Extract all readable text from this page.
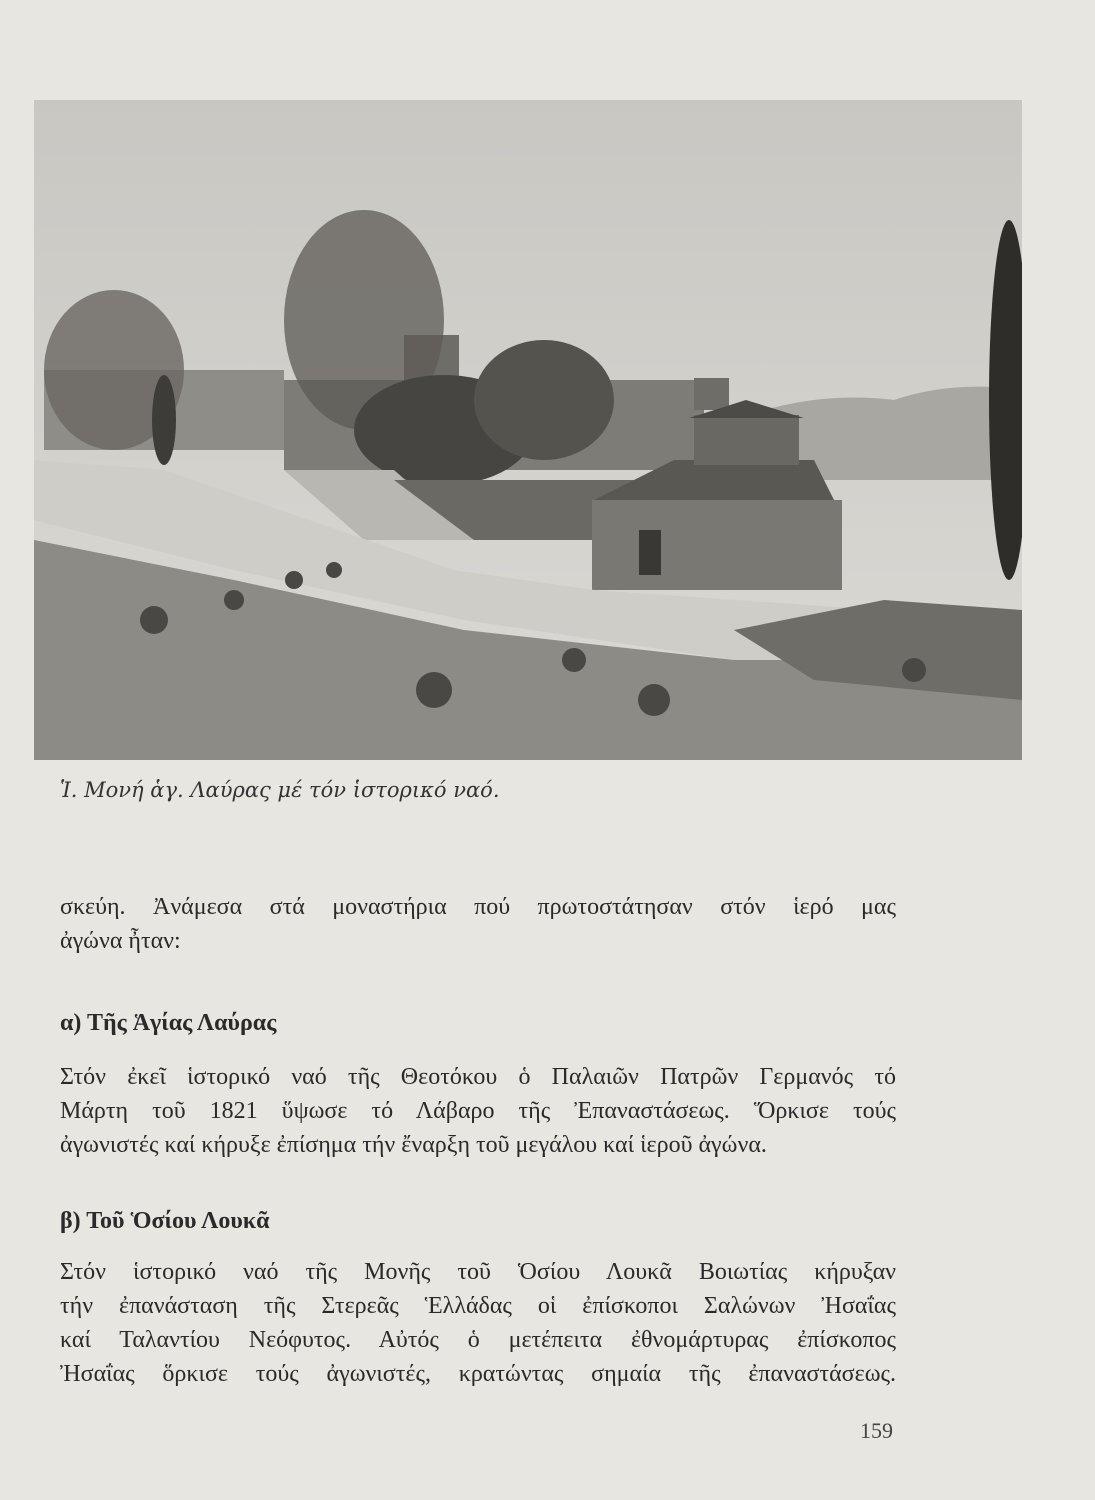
Ἱ. Μονή ἁγ. Λαύρας μέ τόν ἱστορικό ναό.

σκεύη. Ἀνάμεσα στά μοναστήρια πού πρωτοστάτησαν στόν ἱερό μας
ἀγώνα ἦταν:

α) Τῆς Ἁγίας Λαύρας

Στόν ἐκεῖ ἱστορικό ναό τῆς Θεοτόκου ὁ Παλαιῶν Πατρῶν Γερμανός τό
Μάρτη τοῦ 1821 ὕψωσε τό Λάβαρο τῆς Ἐπαναστάσεως. Ὅρκισε τούς
ἀγωνιστές καί κήρυξε ἐπίσημα τήν ἔναρξη τοῦ μεγάλου καί ἱεροῦ ἀγώνα.

β) Τοῦ Ὁσίου Λουκᾶ

Στόν ἱστορικό ναό τῆς Μονῆς τοῦ Ὁσίου Λουκᾶ Βοιωτίας κήρυξαν
τήν ἐπανάσταση τῆς Στερεᾶς Ἑλλάδας οἱ ἐπίσκοποι Σαλώνων Ἠσαΐας
καί Ταλαντίου Νεόφυτος. Αὐτός ὁ μετέπειτα ἐθνομάρτυρας ἐπίσκοπος
Ἠσαΐας ὅρκισε τούς ἀγωνιστές, κρατώντας σημαία τῆς ἐπαναστάσεως.

159
